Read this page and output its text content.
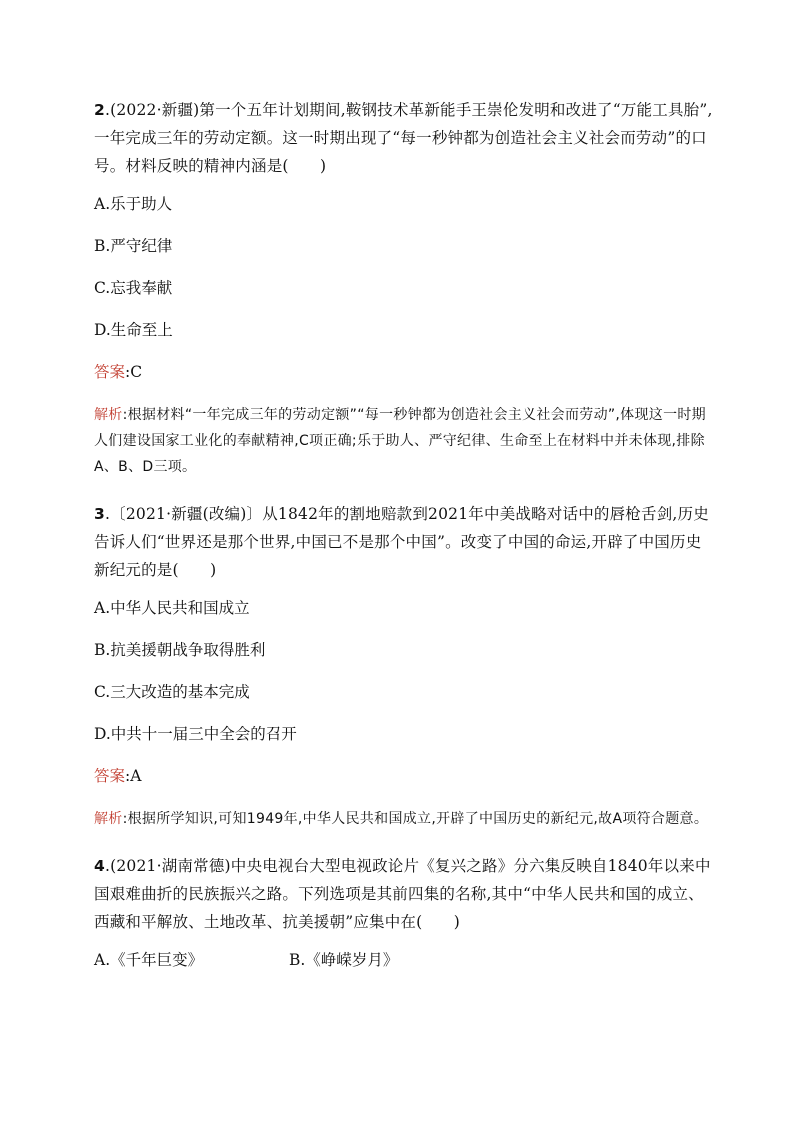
2.(2022·新疆)第一个五年计划期间,鞍钢技术革新能手王崇伦发明和改进了“万能工具胎”,一年完成三年的劳动定额。这一时期出现了“每一秒钟都为创造社会主义社会而劳动”的口号。材料反映的精神内涵是(　　)

A.乐于助人

B.严守纪律

C.忘我奉献

D.生命至上

答案:C

解析:根据材料“一年完成三年的劳动定额”“每一秒钟都为创造社会主义社会而劳动”,体现这一时期人们建设国家工业化的奉献精神,C项正确;乐于助人、严守纪律、生命至上在材料中并未体现,排除A、B、D三项。

3.〔2021·新疆(改编)〕从1842年的割地赔款到2021年中美战略对话中的唇枪舌剑,历史告诉人们“世界还是那个世界,中国已不是那个中国”。改变了中国的命运,开辟了中国历史新纪元的是(　　)

A.中华人民共和国成立

B.抗美援朝战争取得胜利

C.三大改造的基本完成

D.中共十一届三中全会的召开

答案:A

解析:根据所学知识,可知1949年,中华人民共和国成立,开辟了中国历史的新纪元,故A项符合题意。

4.(2021·湖南常德)中央电视台大型电视政论片《复兴之路》分六集反映自1840年以来中国艰难曲折的民族振兴之路。下列选项是其前四集的名称,其中“中华人民共和国的成立、西藏和平解放、土地改革、抗美援朝”应集中在(　　)

A.《千年巨变》	B.《峥嵘岁月》
